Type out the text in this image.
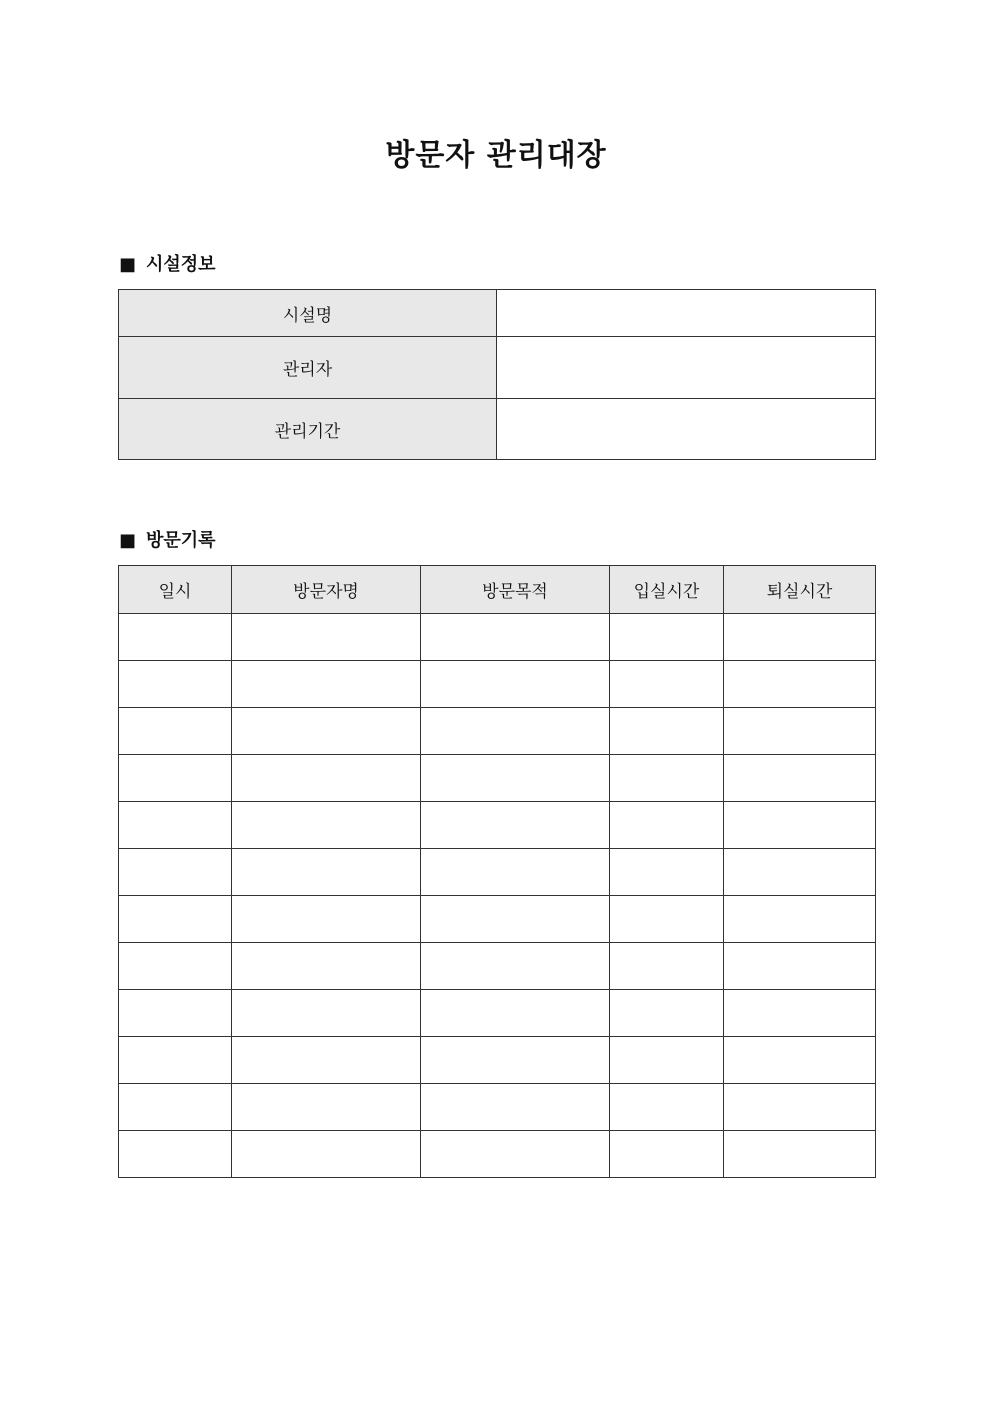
방문자 관리대장
■ 시설정보
시설명	
관리자	
관리기간	
■ 방문기록
일시	방문자명	방문목적	입실시간	퇴실시간
